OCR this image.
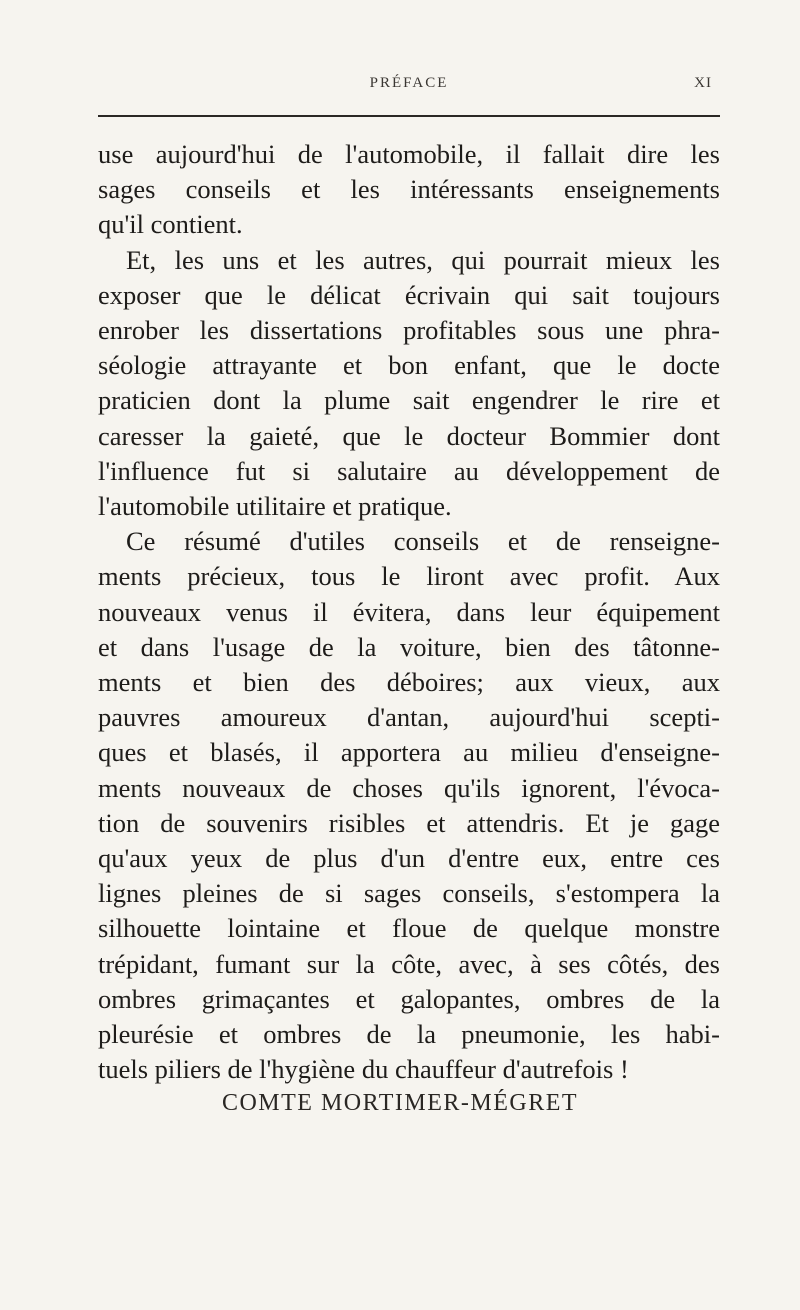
PRÉFACE	XI
use aujourd'hui de l'automobile, il fallait dire les
sages conseils et les intéressants enseignements
qu'il contient.
Et, les uns et les autres, qui pourrait mieux les
exposer que le délicat écrivain qui sait toujours
enrober les dissertations profitables sous une phra-
séologie attrayante et bon enfant, que le docte
praticien dont la plume sait engendrer le rire et
caresser la gaieté, que le docteur Bommier dont
l'influence fut si salutaire au développement de
l'automobile utilitaire et pratique.
Ce résumé d'utiles conseils et de renseigne-
ments précieux, tous le liront avec profit. Aux
nouveaux venus il évitera, dans leur équipement
et dans l'usage de la voiture, bien des tâtonne-
ments et bien des déboires; aux vieux, aux
pauvres amoureux d'antan, aujourd'hui scepti-
ques et blasés, il apportera au milieu d'enseigne-
ments nouveaux de choses qu'ils ignorent, l'évoca-
tion de souvenirs risibles et attendris. Et je gage
qu'aux yeux de plus d'un d'entre eux, entre ces
lignes pleines de si sages conseils, s'estompera la
silhouette lointaine et floue de quelque monstre
trépidant, fumant sur la côte, avec, à ses côtés, des
ombres grimaçantes et galopantes, ombres de la
pleurésie et ombres de la pneumonie, les habi-
tuels piliers de l'hygiène du chauffeur d'autrefois !
COMTE MORTIMER-MÉGRET
